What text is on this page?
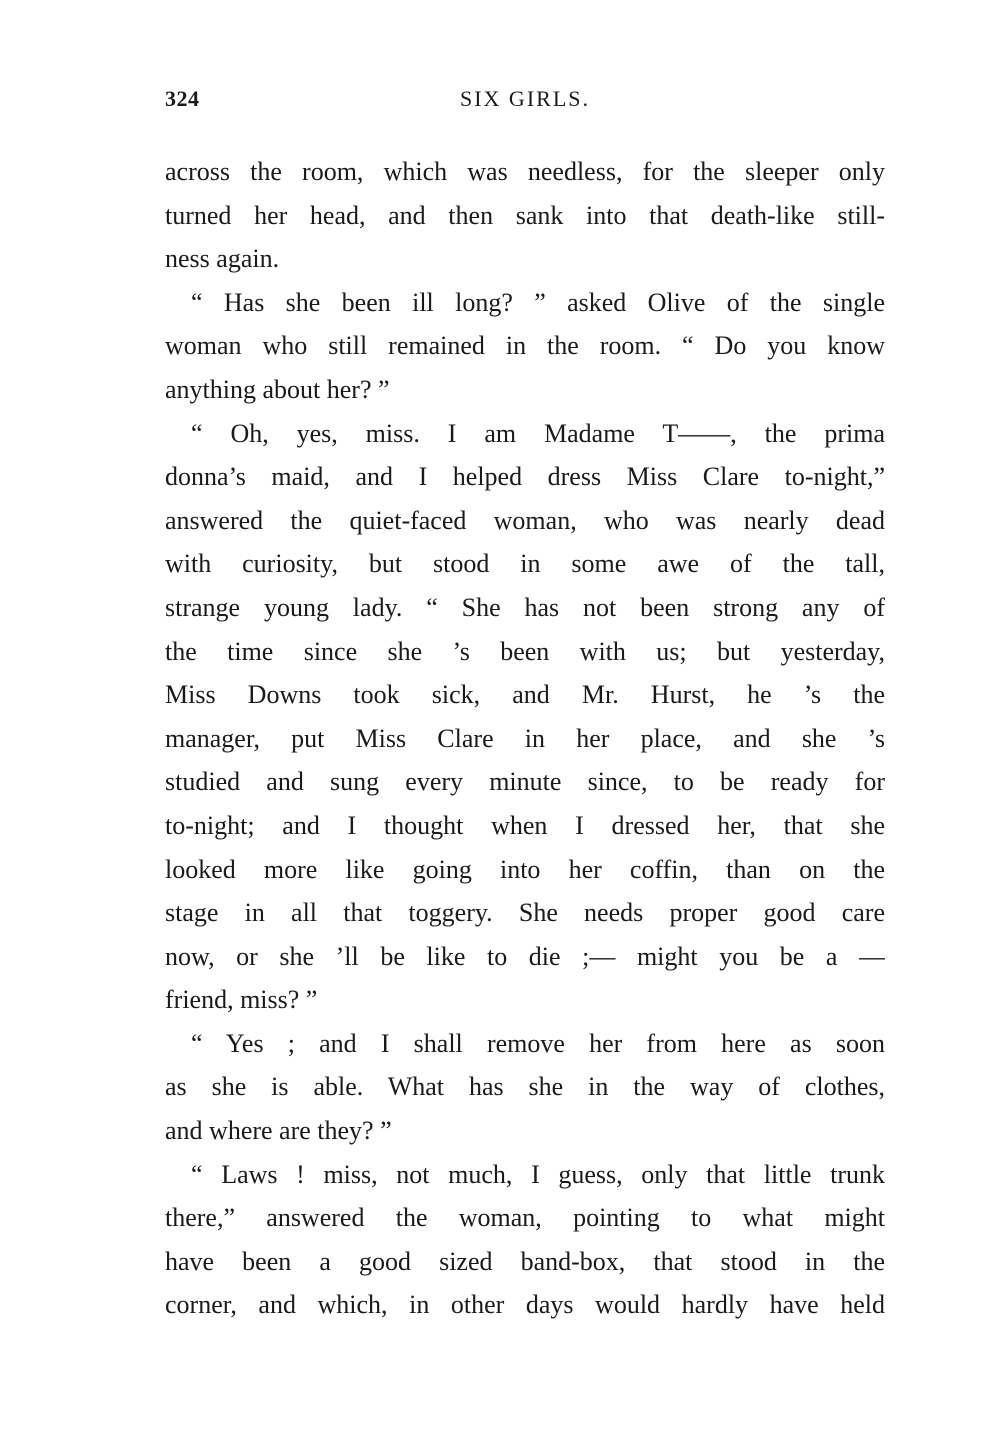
324	SIX GIRLS.
across the room, which was needless, for the sleeper only
turned her head, and then sank into that death-like still-
ness again.
“ Has she been ill long? ” asked Olive of the single
woman who still remained in the room. “ Do you know
anything about her? ”
“ Oh, yes, miss. I am Madame T——, the prima
donna’s maid, and I helped dress Miss Clare to-night,”
answered the quiet-faced woman, who was nearly dead
with curiosity, but stood in some awe of the tall,
strange young lady. “ She has not been strong any of
the time since she ’s been with us; but yesterday,
Miss Downs took sick, and Mr. Hurst, he ’s the
manager, put Miss Clare in her place, and she ’s
studied and sung every minute since, to be ready for
to-night; and I thought when I dressed her, that she
looked more like going into her coffin, than on the
stage in all that toggery. She needs proper good care
now, or she ’ll be like to die ;— might you be a —
friend, miss? ”
“ Yes ; and I shall remove her from here as soon
as she is able. What has she in the way of clothes,
and where are they? ”
“ Laws ! miss, not much, I guess, only that little trunk
there,” answered the woman, pointing to what might
have been a good sized band-box, that stood in the
corner, and which, in other days would hardly have held
